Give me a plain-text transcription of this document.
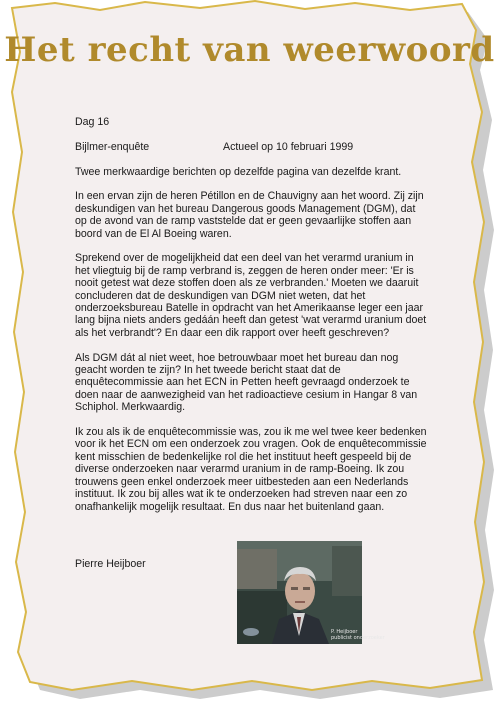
Het recht van weerwoord

Dag 16

Bijlmer-enquête	Actueel op 10 februari 1999

Twee merkwaardige berichten op dezelfde pagina van dezelfde krant.

In een ervan zijn de heren Pétillon en de Chauvigny aan het woord. Zij zijn deskundigen van het bureau Dangerous goods Management (DGM), dat op de avond van de ramp vaststelde dat er geen gevaarlijke stoffen aan boord van de El Al Boeing waren.

Sprekend over de mogelijkheid dat een deel van het verarmd uranium in het vliegtuig bij de ramp verbrand is, zeggen de heren onder meer: 'Er is nooit getest wat deze stoffen doen als ze verbranden.' Moeten we daaruit concluderen dat de deskundigen van DGM niet weten, dat het onderzoeksbureau Batelle in opdracht van het Amerikaanse leger een jaar lang bijna niets anders gedáán heeft dan getest 'wat verarmd uranium doet als het verbrandt'? En daar een dik rapport over heeft geschreven?

Als DGM dát al niet weet, hoe betrouwbaar moet het bureau dan nog geacht worden te zijn? In het tweede bericht staat dat de enquêtecommissie aan het ECN in Petten heeft gevraagd onderzoek te doen naar de aanwezigheid van het radioactieve cesium in Hangar 8 van Schiphol. Merkwaardig.

Ik zou als ik de enquêtecommissie was, zou ik me wel twee keer bedenken voor ik het ECN om een onderzoek zou vragen. Ook de enquêtecommissie kent misschien de bedenkelijke rol die het instituut heeft gespeeld bij de diverse onderzoeken naar verarmd uranium in de ramp-Boeing. Ik zou trouwens geen enkel onderzoek meer uitbesteden aan een Nederlands instituut. Ik zou bij alles wat ik te onderzoeken had streven naar een zo onafhankelijk mogelijk resultaat. En dus naar het buitenland gaan.

Pierre Heijboer
P. Heijboer
publicist onderzoeker
